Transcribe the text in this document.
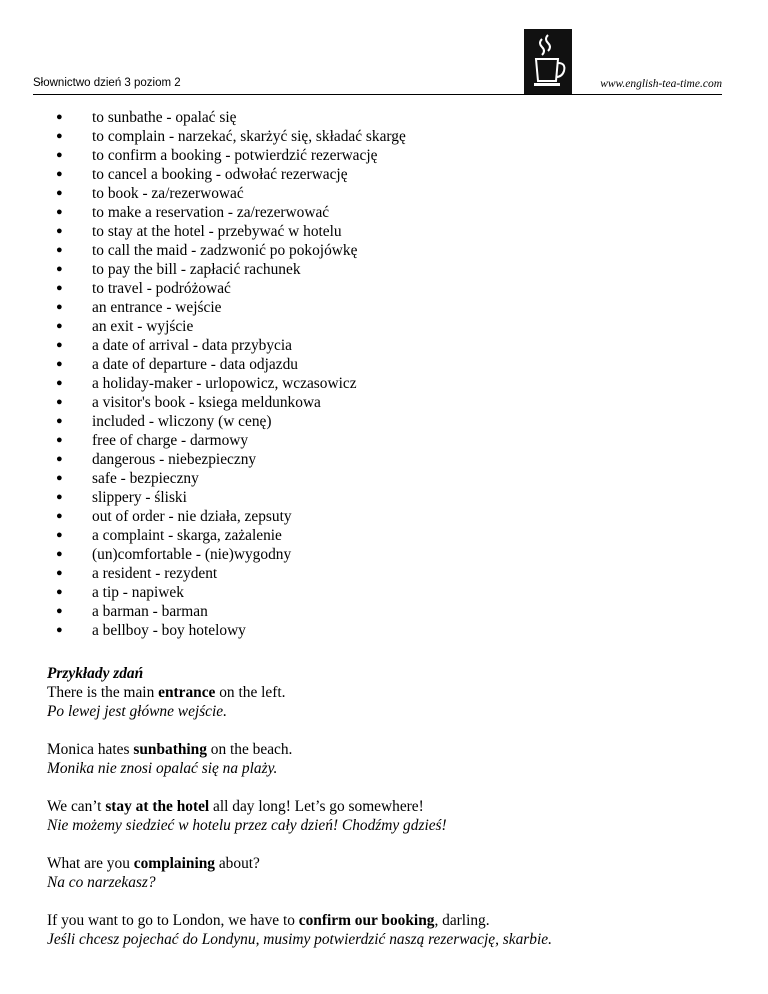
Słownictwo dzień 3 poziom 2	www.english-tea-time.com
● to sunbathe - opalać się
● to complain - narzekać, skarżyć się, składać skargę
● to confirm a booking - potwierdzić rezerwację
● to cancel a booking - odwołać rezerwację
● to book - za/rezerwować
● to make a reservation - za/rezerwować
● to stay at the hotel - przebywać w hotelu
● to call the maid - zadzwonić po pokojówkę
● to pay the bill - zapłacić rachunek
● to travel - podróżować
● an entrance - wejście
● an exit - wyjście
● a date of arrival - data przybycia
● a date of departure - data odjazdu
● a holiday-maker - urlopowicz, wczasowicz
● a visitor's book - ksiega meldunkowa
● included - wliczony (w cenę)
● free of charge - darmowy
● dangerous - niebezpieczny
● safe - bezpieczny
● slippery - śliski
● out of order - nie działa, zepsuty
● a complaint - skarga, zażalenie
● (un)comfortable - (nie)wygodny
● a resident - rezydent
● a tip - napiwek
● a barman - barman
● a bellboy - boy hotelowy

Przykłady zdań

There is the main entrance on the left.

Po lewej jest główne wejście.

Monica hates sunbathing on the beach.

Monika nie znosi opalać się na plaży.

We can’t stay at the hotel all day long! Let’s go somewhere!

Nie możemy siedzieć w hotelu przez cały dzień! Chodźmy gdzieś!

What are you complaining about?

Na co narzekasz?

If you want to go to London, we have to confirm our booking, darling.

Jeśli chcesz pojechać do Londynu, musimy potwierdzić naszą rezerwację, skarbie.
